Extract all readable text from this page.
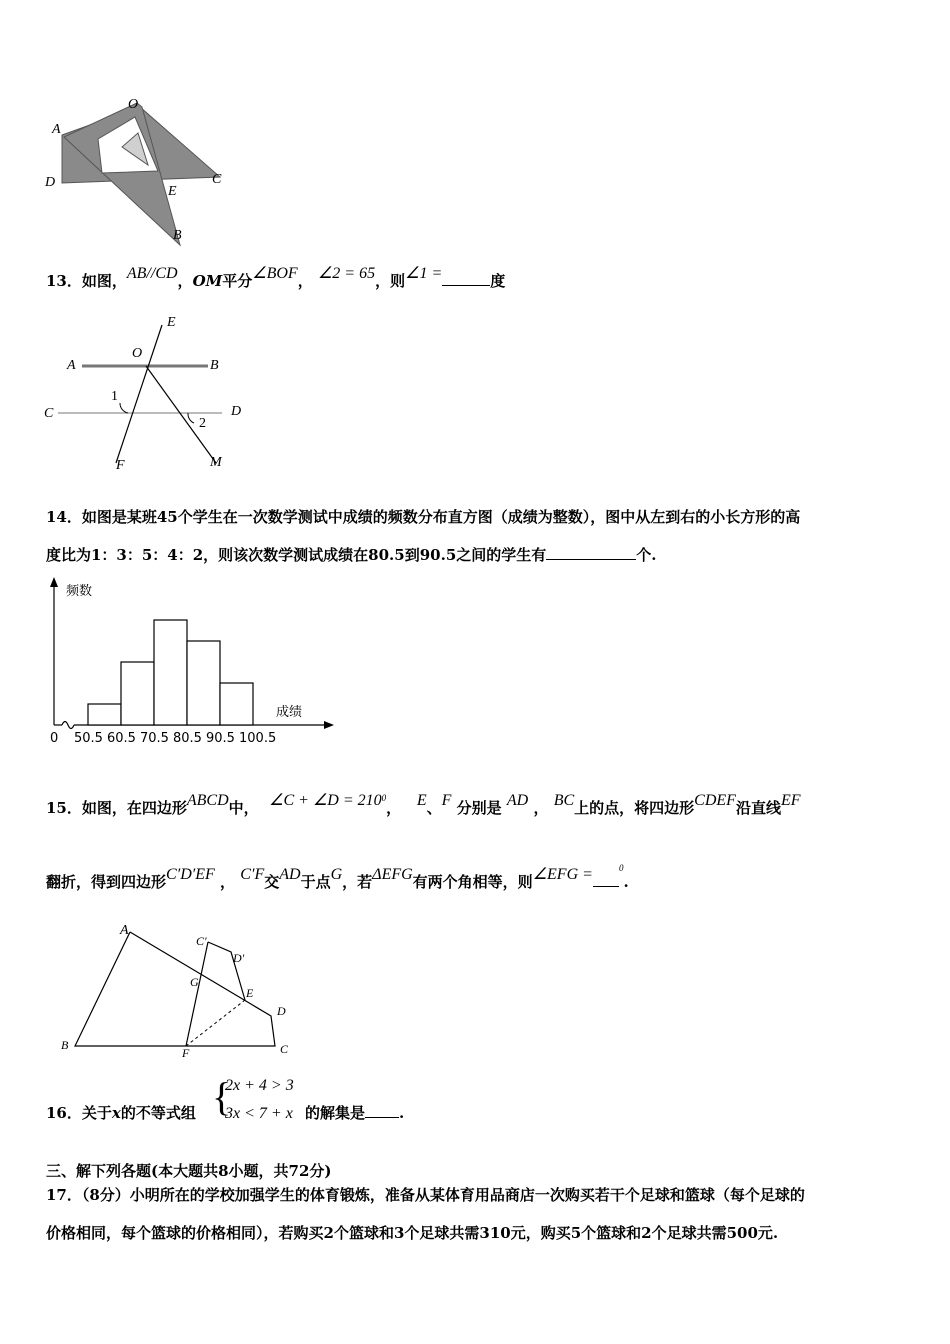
A
O
D	C
E
B
13．如图，AB//CD，OM平分∠BOF， ∠2 = 65，则∠1 =	度
E
A
O
B
1
C	D
2
F	M
14．如图是某班45个学生在一次数学测试中成绩的频数分布直方图（成绩为整数），图中从左到右的小长方形的高
度比为1：3：5：4：2，则该次数学测试成绩在80.5到90.5之间的学生有	个.
频数
成绩
0 50.5 60.5 70.5 80.5 90.5 100.5
15．如图，在四边形ABCD中， ∠C + ∠D = $210^0$， E、F 分别是 AD ， BC上的点，将四边形CDEF沿直线EF
翻折，得到四边形C′D′EF ， C′F交AD于点G，若ΔEFG有两个角相等，则∠EFG =	$^0$.
A
C'
D'
G
E
D
B
F	C
16．关于x的不等式组 {
2x + 4 > 3
3x < 7 + x 的解集是 .
三、解下列各题(本大题共8小题，共72分)
17．（8分）小明所在的学校加强学生的体育锻炼，准备从某体育用品商店一次购买若干个足球和篮球（每个足球的
价格相同，每个篮球的价格相同），若购买2个篮球和3个足球共需310元，购买5个篮球和2个足球共需500元.
